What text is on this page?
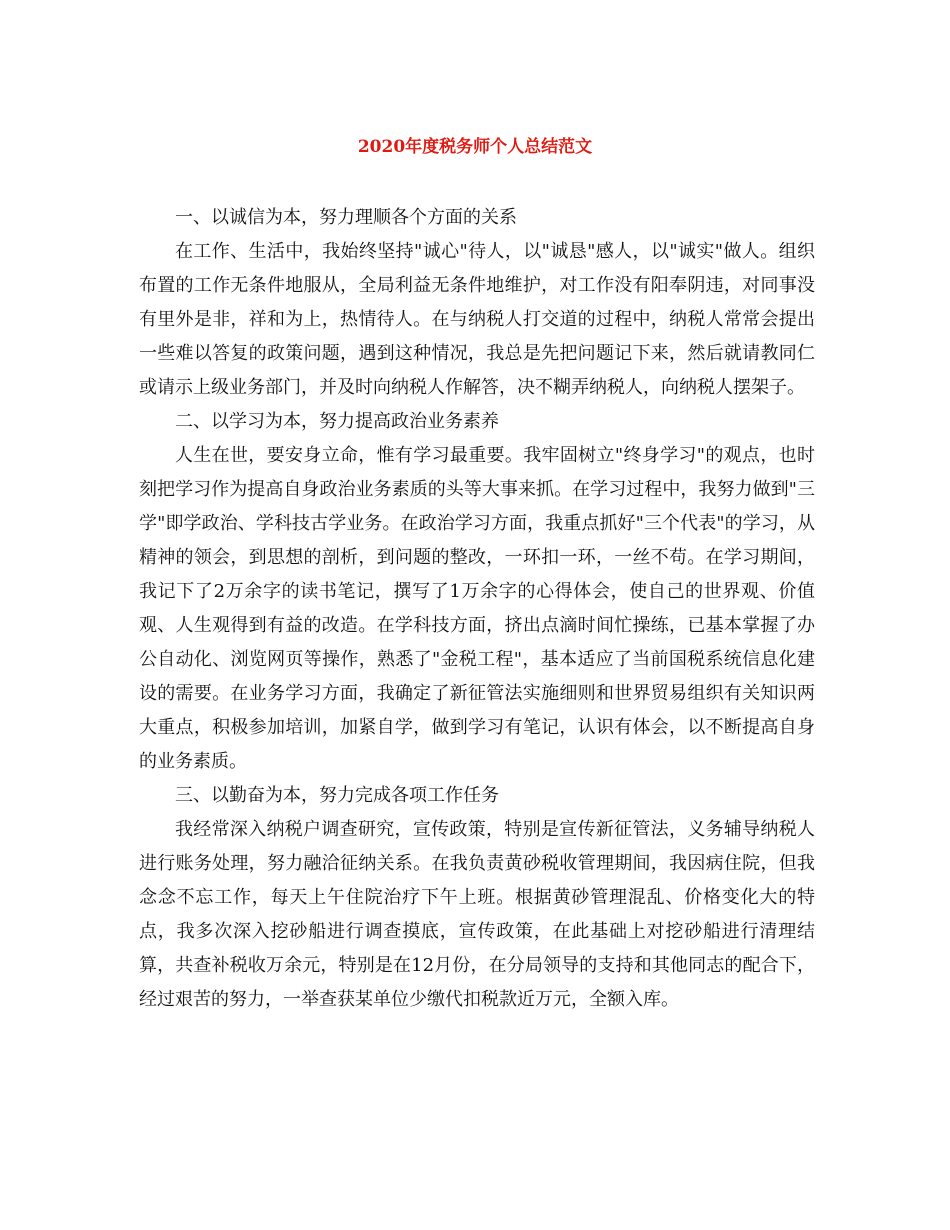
2020年度税务师个人总结范文

一、以诚信为本，努力理顺各个方面的关系

在工作、生活中，我始终坚持"诚心"待人，以"诚恳"感人，以"诚实"做人。组织布置的工作无条件地服从，全局利益无条件地维护，对工作没有阳奉阴违，对同事没有里外是非，祥和为上，热情待人。在与纳税人打交道的过程中，纳税人常常会提出一些难以答复的政策问题，遇到这种情况，我总是先把问题记下来，然后就请教同仁或请示上级业务部门，并及时向纳税人作解答，决不糊弄纳税人，向纳税人摆架子。

二、以学习为本，努力提高政治业务素养

人生在世，要安身立命，惟有学习最重要。我牢固树立"终身学习"的观点，也时刻把学习作为提高自身政治业务素质的头等大事来抓。在学习过程中，我努力做到"三学"即学政治、学科技古学业务。在政治学习方面，我重点抓好"三个代表"的学习，从精神的领会，到思想的剖析，到问题的整改，一环扣一环，一丝不苟。在学习期间，我记下了2万余字的读书笔记，撰写了1万余字的心得体会，使自己的世界观、价值观、人生观得到有益的改造。在学科技方面，挤出点滴时间忙操练，已基本掌握了办公自动化、浏览网页等操作，熟悉了"金税工程"，基本适应了当前国税系统信息化建设的需要。在业务学习方面，我确定了新征管法实施细则和世界贸易组织有关知识两大重点，积极参加培训，加紧自学，做到学习有笔记，认识有体会，以不断提高自身的业务素质。

三、以勤奋为本，努力完成各项工作任务

我经常深入纳税户调查研究，宣传政策，特别是宣传新征管法，义务辅导纳税人进行账务处理，努力融洽征纳关系。在我负责黄砂税收管理期间，我因病住院，但我念念不忘工作，每天上午住院治疗下午上班。根据黄砂管理混乱、价格变化大的特点，我多次深入挖砂船进行调查摸底，宣传政策，在此基础上对挖砂船进行清理结算，共查补税收万余元，特别是在12月份，在分局领导的支持和其他同志的配合下，经过艰苦的努力，一举查获某单位少缴代扣税款近万元，全额入库。
